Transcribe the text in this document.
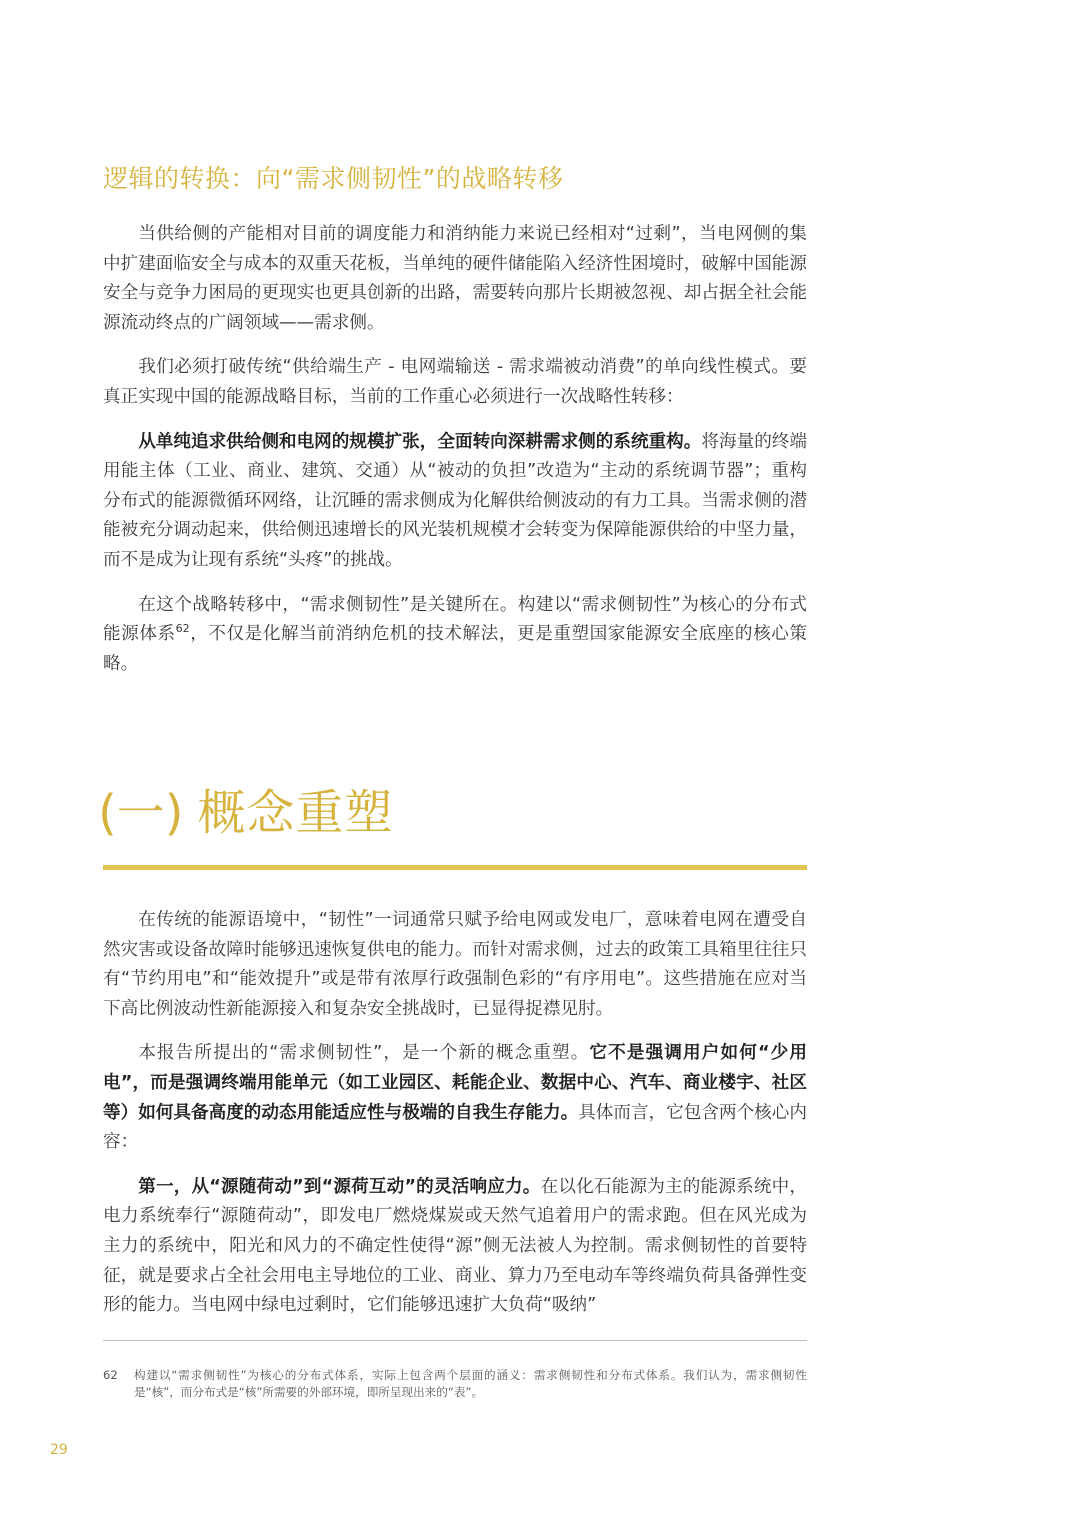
逻辑的转换：向“需求侧韧性”的战略转移

当供给侧的产能相对目前的调度能力和消纳能力来说已经相对“过剩”，当电网侧的集中扩建面临安全与成本的双重天花板，当单纯的硬件储能陷入经济性困境时，破解中国能源安全与竞争力困局的更现实也更具创新的出路，需要转向那片长期被忽视、却占据全社会能源流动终点的广阔领域——需求侧。

我们必须打破传统“供给端生产 - 电网端输送 - 需求端被动消费”的单向线性模式。要真正实现中国的能源战略目标，当前的工作重心必须进行一次战略性转移：

从单纯追求供给侧和电网的规模扩张，全面转向深耕需求侧的系统重构。将海量的终端用能主体（工业、商业、建筑、交通）从“被动的负担”改造为“主动的系统调节器”；重构分布式的能源微循环网络，让沉睡的需求侧成为化解供给侧波动的有力工具。当需求侧的潜能被充分调动起来，供给侧迅速增长的风光装机规模才会转变为保障能源供给的中坚力量，而不是成为让现有系统“头疼”的挑战。

在这个战略转移中，“需求侧韧性”是关键所在。构建以“需求侧韧性”为核心的分布式能源体系$^{62}$，不仅是化解当前消纳危机的技术解法，更是重塑国家能源安全底座的核心策略。

(一) 概念重塑

在传统的能源语境中，“韧性”一词通常只赋予给电网或发电厂，意味着电网在遭受自然灾害或设备故障时能够迅速恢复供电的能力。而针对需求侧，过去的政策工具箱里往往只有“节约用电”和“能效提升”或是带有浓厚行政强制色彩的“有序用电”。这些措施在应对当下高比例波动性新能源接入和复杂安全挑战时，已显得捉襟见肘。

本报告所提出的“需求侧韧性”，是一个新的概念重塑。它不是强调用户如何“少用电”，而是强调终端用能单元（如工业园区、耗能企业、数据中心、汽车、商业楼宇、社区等）如何具备高度的动态用能适应性与极端的自我生存能力。具体而言，它包含两个核心内容：

第一，从“源随荷动”到“源荷互动”的灵活响应力。在以化石能源为主的能源系统中，电力系统奉行“源随荷动”，即发电厂燃烧煤炭或天然气追着用户的需求跑。但在风光成为主力的系统中，阳光和风力的不确定性使得“源”侧无法被人为控制。需求侧韧性的首要特征，就是要求占全社会用电主导地位的工业、商业、算力乃至电动车等终端负荷具备弹性变形的能力。当电网中绿电过剩时，它们能够迅速扩大负荷“吸纳”

62 构建以“需求侧韧性”为核心的分布式体系，实际上包含两个层面的涵义：需求侧韧性和分布式体系。我们认为，需求侧韧性是“核”，而分布式是“核”所需要的外部环境，即所呈现出来的“表”。
29
